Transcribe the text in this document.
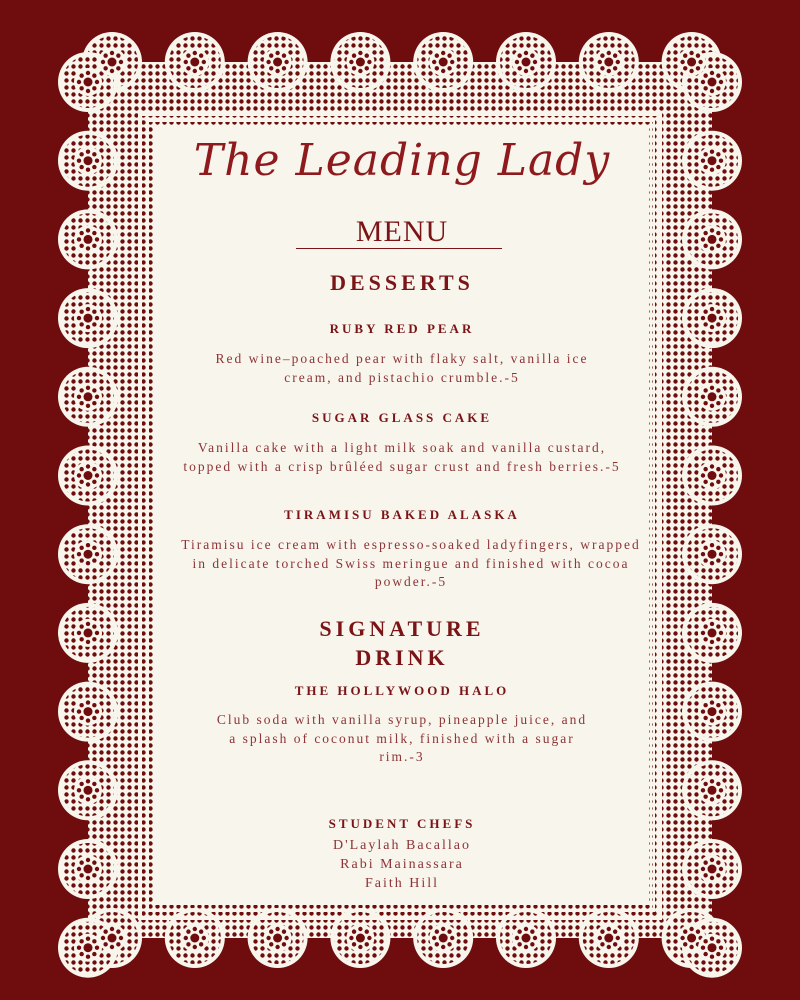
The Leading Lady
MENU
DESSERTS
RUBY RED PEAR
Red wine–poached pear with flaky salt, vanilla ice cream, and pistachio crumble.-5
SUGAR GLASS CAKE
Vanilla cake with a light milk soak and vanilla custard, topped with a crisp brûléed sugar crust and fresh berries.-5
TIRAMISU BAKED ALASKA
Tiramisu ice cream with espresso-soaked ladyfingers, wrapped in delicate torched Swiss meringue and finished with cocoa powder.-5
SIGNATURE
DRINK
THE HOLLYWOOD HALO
Club soda with vanilla syrup, pineapple juice, and a splash of coconut milk, finished with a sugar rim.-3
STUDENT CHEFS
D'Laylah Bacallao
Rabi Mainassara
Faith Hill
